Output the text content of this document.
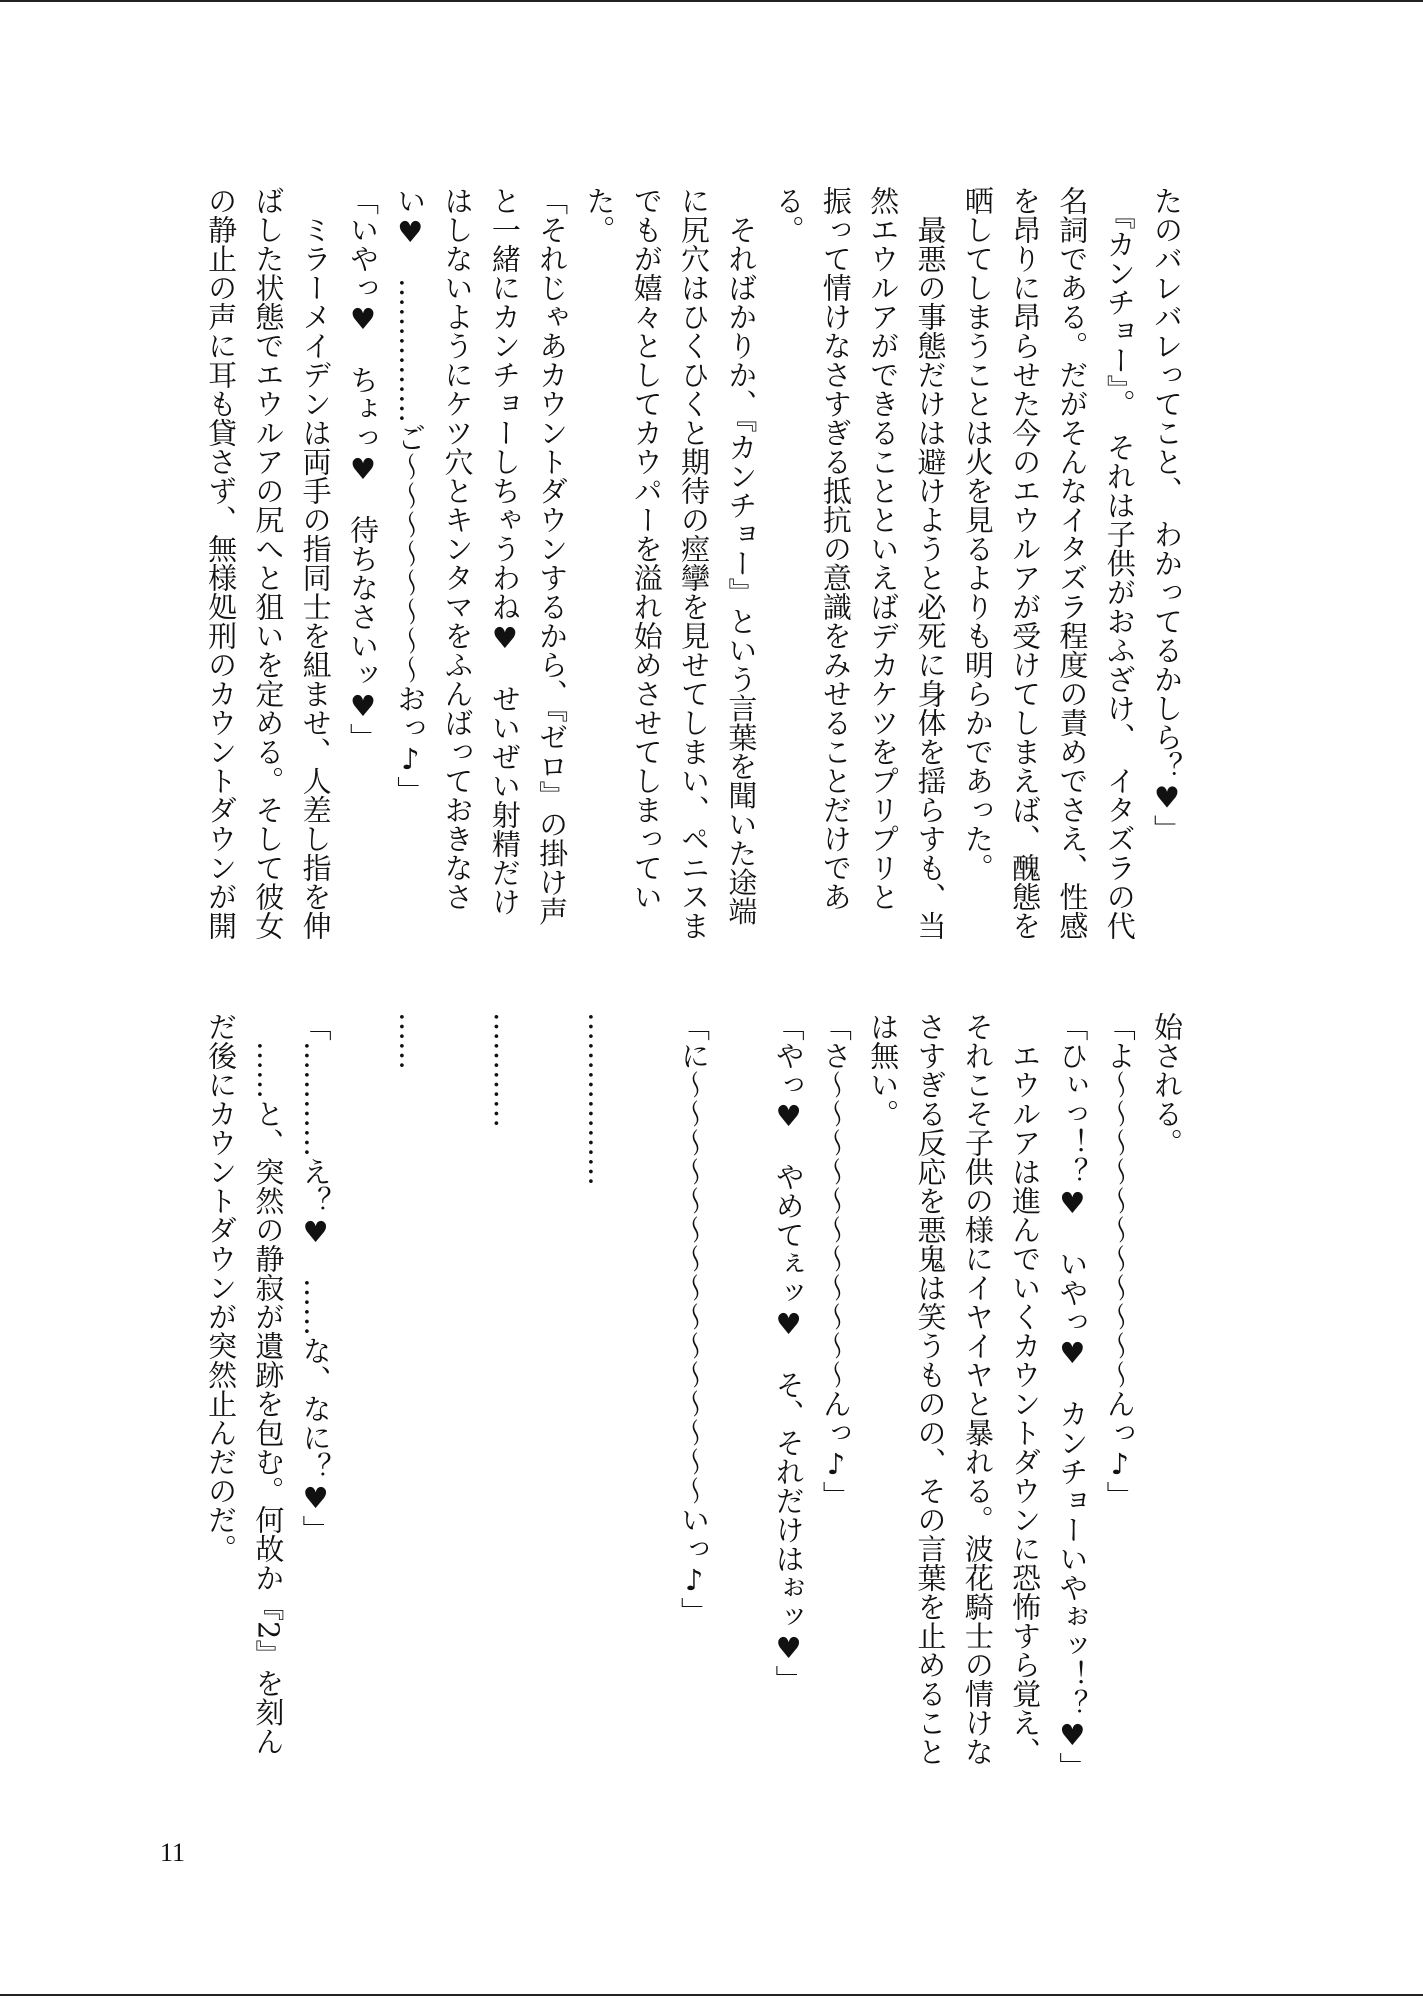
たのバレバレってこと、　わかってるかしら？♥」
　『カンチョー』。　それは子供がおふざけ、　イタズラの代
名詞である。だがそんなイタズラ程度の責めでさえ、性感
を昂りに昂らせた今のエウルアが受けてしまえば、醜態を
晒してしまうことは火を見るよりも明らかであった。
　最悪の事態だけは避けようと必死に身体を揺らすも、当
然エウルアができることといえばデカケツをプリプリと
振って情けなさすぎる抵抗の意識をみせることだけであ
る。
　そればかりか、『カンチョー』という言葉を聞いた途端
に尻穴はひくひくと期待の痙攣を見せてしまい、ペニスま
でもが嬉々としてカウパーを溢れ始めさせてしまってい
た。
「それじゃあカウントダウンするから、『ゼロ』の掛け声
と一緒にカンチョーしちゃうわね♥　せいぜい射精だけ
はしないようにケツ穴とキンタマをふんばっておきなさ
い♥　……………ご〜〜〜〜〜〜〜〜おっ♪」
「いやっ♥　ちょっ♥　待ちなさいッ♥」
　ミラーメイデンは両手の指同士を組ませ、人差し指を伸
ばした状態でエウルアの尻へと狙いを定める。そして彼女
の静止の声に耳も貸さず、無様処刑のカウントダウンが開
始される。
「よ〜〜〜〜〜〜〜〜〜〜〜んっ♪」
「ひぃっ！？♥　いやっ♥　カンチョーいやぉッ！？♥」
　エウルアは進んでいくカウントダウンに恐怖すら覚え、
それこそ子供の様にイヤイヤと暴れる。波花騎士の情けな
さすぎる反応を悪鬼は笑うものの、その言葉を止めること
は無い。
「さ〜〜〜〜〜〜〜〜〜〜〜んっ♪」
「やっ♥　やめてぇッ♥　そ、それだけはぉッ♥」
「に〜〜〜〜〜〜〜〜〜〜〜〜〜〜〜いっ♪」
………………
…………
……
「…………え？♥　……な、なに？♥」
　……と、突然の静寂が遺跡を包む。何故か『2』を刻ん
だ後にカウントダウンが突然止んだのだ。
11
